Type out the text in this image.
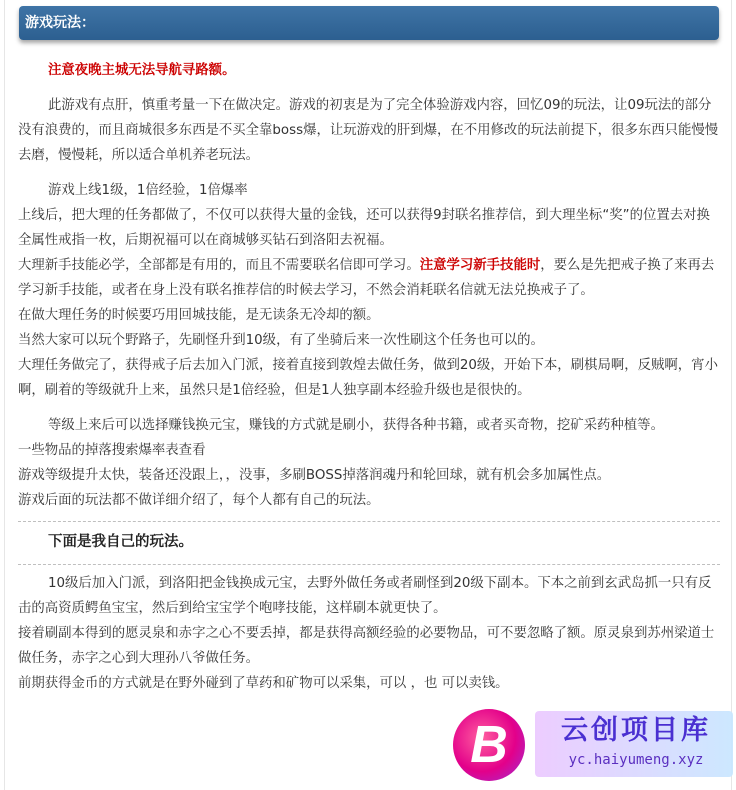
游戏玩法：

注意夜晚主城无法导航寻路额。

此游戏有点肝，慎重考量一下在做决定。游戏的初衷是为了完全体验游戏内容，回忆09的玩法，让09玩法的部分没有浪费的，而且商城很多东西是不买全靠boss爆，让玩游戏的肝到爆，在不用修改的玩法前提下，很多东西只能慢慢去磨，慢慢耗，所以适合单机养老玩法。

游戏上线1级，1倍经验，1倍爆率

上线后，把大理的任务都做了，不仅可以获得大量的金钱，还可以获得9封联名推荐信，到大理坐标“奖”的位置去对换全属性戒指一枚，后期祝福可以在商城够买钻石到洛阳去祝福。

大理新手技能必学，全部都是有用的，而且不需要联名信即可学习。注意学习新手技能时，要么是先把戒子换了来再去学习新手技能，或者在身上没有联名推荐信的时候去学习，不然会消耗联名信就无法兑换戒子了。

在做大理任务的时候要巧用回城技能，是无读条无冷却的额。

当然大家可以玩个野路子，先刷怪升到10级，有了坐骑后来一次性刷这个任务也可以的。

大理任务做完了，获得戒子后去加入门派，接着直接到敦煌去做任务，做到20级，开始下本，刷棋局啊，反贼啊，宵小啊，刷着的等级就升上来，虽然只是1倍经验，但是1人独享副本经验升级也是很快的。

等级上来后可以选择赚钱换元宝，赚钱的方式就是刷小，获得各种书籍，或者买奇物，挖矿采药种植等。

一些物品的掉落搜索爆率表查看

游戏等级提升太快，装备还没跟上，，没事，多刷BOSS掉落润魂丹和轮回球，就有机会多加属性点。

游戏后面的玩法都不做详细介绍了，每个人都有自己的玩法。

下面是我自己的玩法。

10级后加入门派，到洛阳把金钱换成元宝，去野外做任务或者刷怪到20级下副本。下本之前到玄武岛抓一只有反击的高资质鳄鱼宝宝，然后到给宝宝学个咆哮技能，这样刷本就更快了。

接着刷副本得到的愿灵泉和赤字之心不要丢掉，都是获得高额经验的必要物品，可不要忽略了额。原灵泉到苏州梁道士做任务，赤字之心到大理孙八爷做任务。

前期获得金币的方式就是在野外碰到了草药和矿物可以采集，可以 ，也 可以卖钱。

B	云创项目库
yc.haiyumeng.xyz
